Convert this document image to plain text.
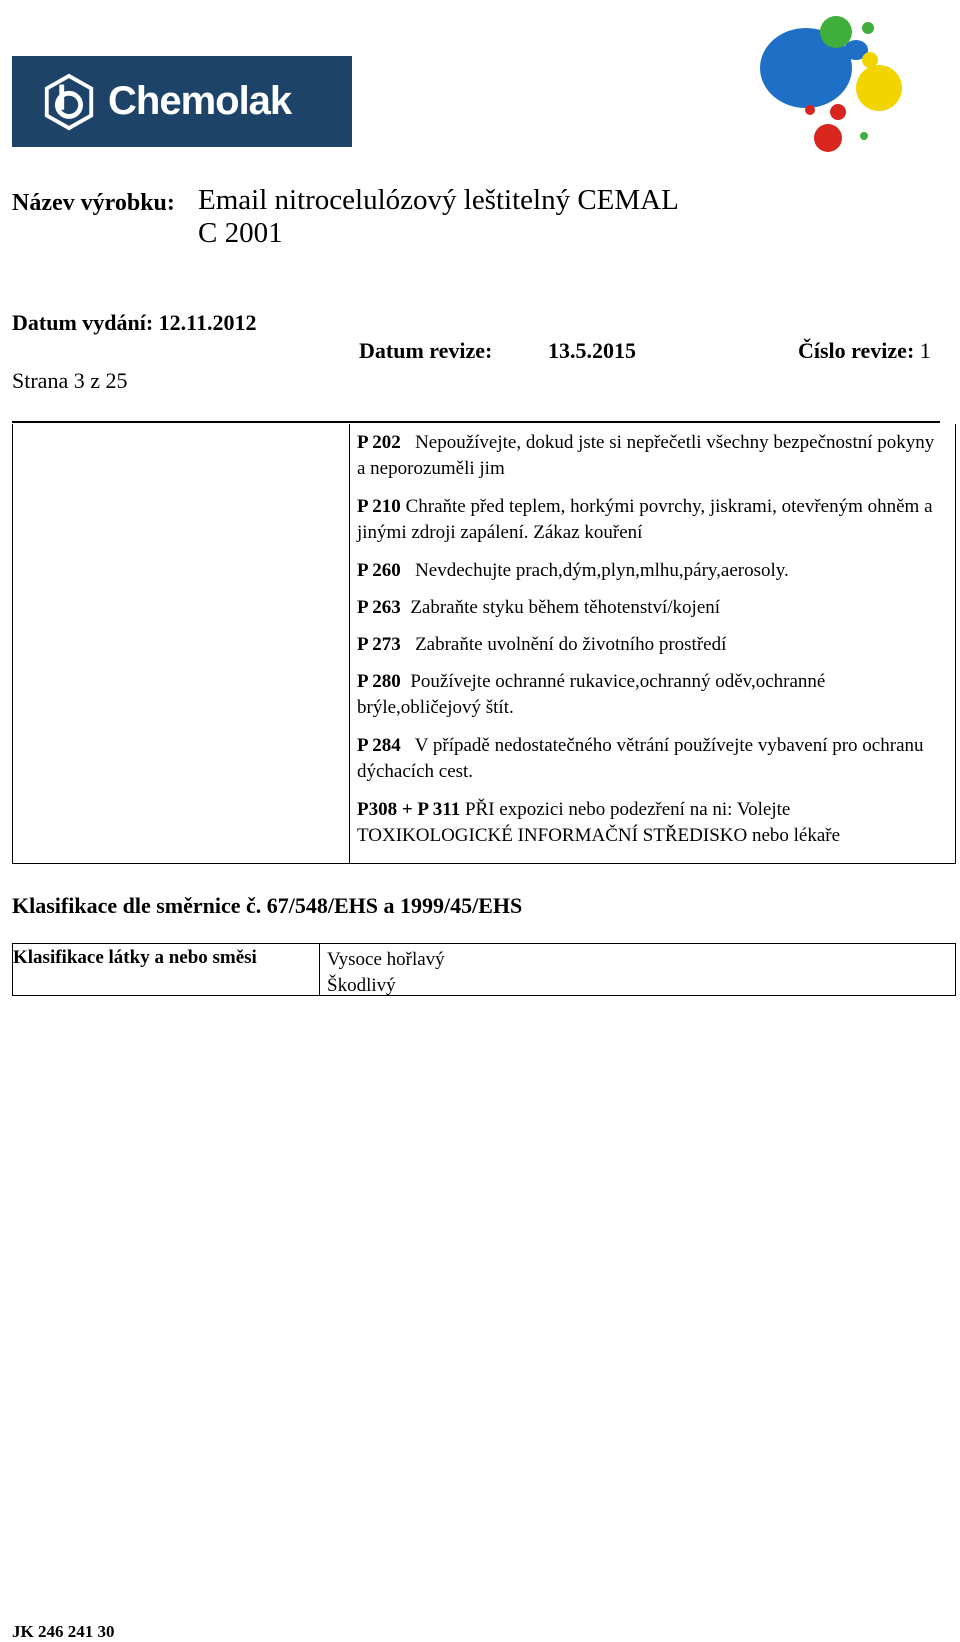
Chemolak
Název výrobku: Email nitrocelulózový leštitelný CEMAL
C 2001
Datum vydání: 12.11.2012
Datum revize:	13.5.2015	Číslo revize: 1
Strana 3 z 25
P 202 Nepoužívejte, dokud jste si nepřečetli všechny bezpečnostní pokyny a neporozuměli jim
P 210 Chraňte před teplem, horkými povrchy, jiskrami, otevřeným ohněm a jinými zdroji zapálení. Zákaz kouření
P 260 Nevdechujte prach,dým,plyn,mlhu,páry,aerosoly.
P 263 Zabraňte styku během těhotenství/kojení
P 273 Zabraňte uvolnění do životního prostředí
P 280 Používejte ochranné rukavice,ochranný oděv,ochranné brýle,obličejový štít.
P 284 V případě nedostatečného větrání používejte vybavení pro ochranu dýchacích cest.
P308 + P 311 PŘI expozici nebo podezření na ni: Volejte TOXIKOLOGICKÉ INFORMAČNÍ STŘEDISKO nebo lékaře
Klasifikace dle směrnice č. 67/548/EHS a 1999/45/EHS
Klasifikace látky a nebo směsi	Vysoce hořlavý
Škodlivý
JK 246 241 30
